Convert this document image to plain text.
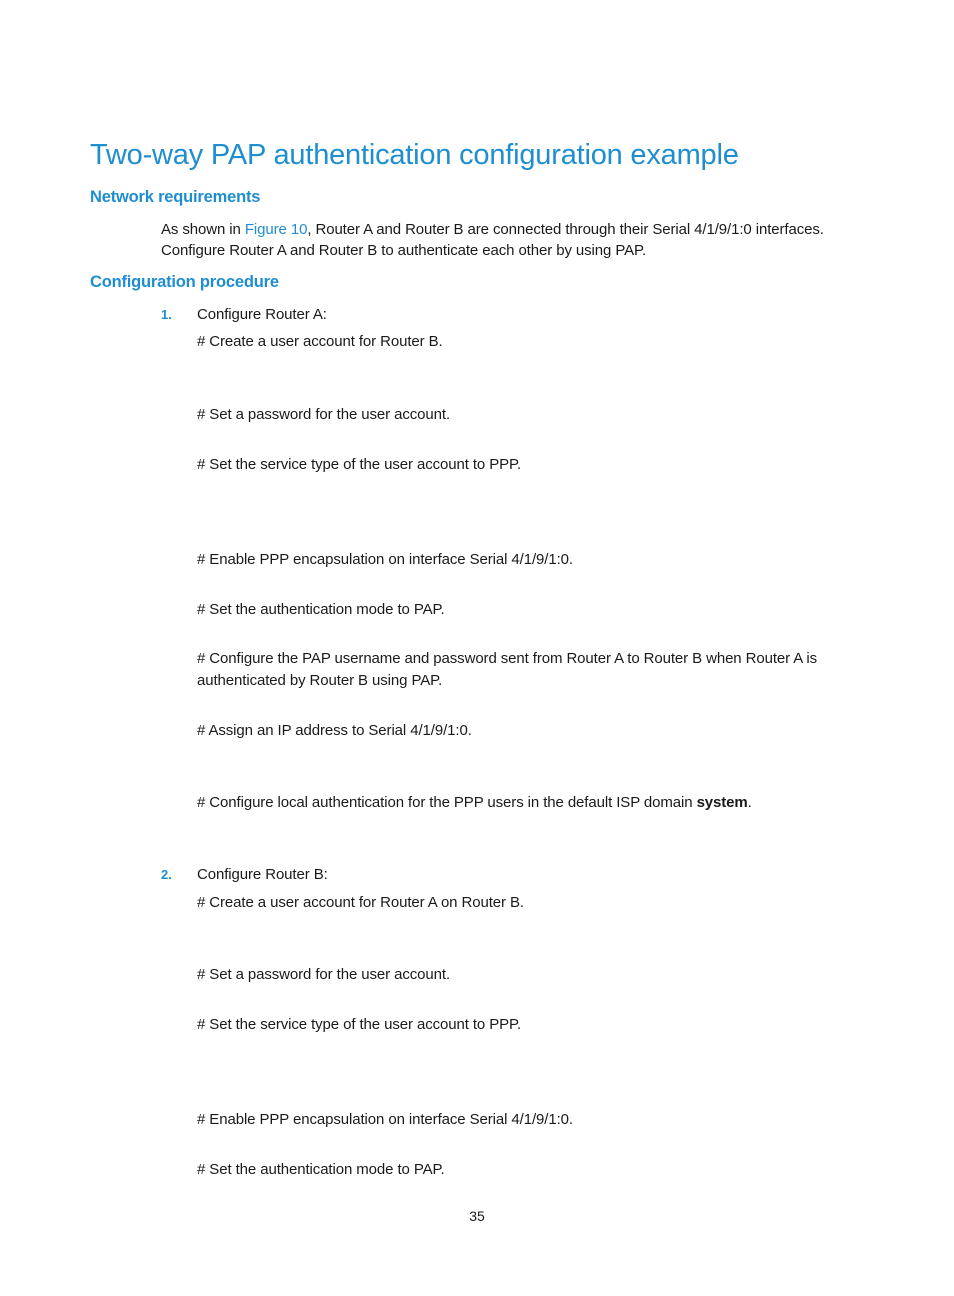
Two-way PAP authentication configuration example
Network requirements
As shown in Figure 10, Router A and Router B are connected through their Serial 4/1/9/1:0 interfaces.
Configure Router A and Router B to authenticate each other by using PAP.
Configuration procedure
1. Configure Router A:
# Create a user account for Router B.
# Set a password for the user account.
# Set the service type of the user account to PPP.
# Enable PPP encapsulation on interface Serial 4/1/9/1:0.
# Set the authentication mode to PAP.
# Configure the PAP username and password sent from Router A to Router B when Router A is
authenticated by Router B using PAP.
# Assign an IP address to Serial 4/1/9/1:0.
# Configure local authentication for the PPP users in the default ISP domain system.
2. Configure Router B:
# Create a user account for Router A on Router B.
# Set a password for the user account.
# Set the service type of the user account to PPP.
# Enable PPP encapsulation on interface Serial 4/1/9/1:0.
# Set the authentication mode to PAP.
35
